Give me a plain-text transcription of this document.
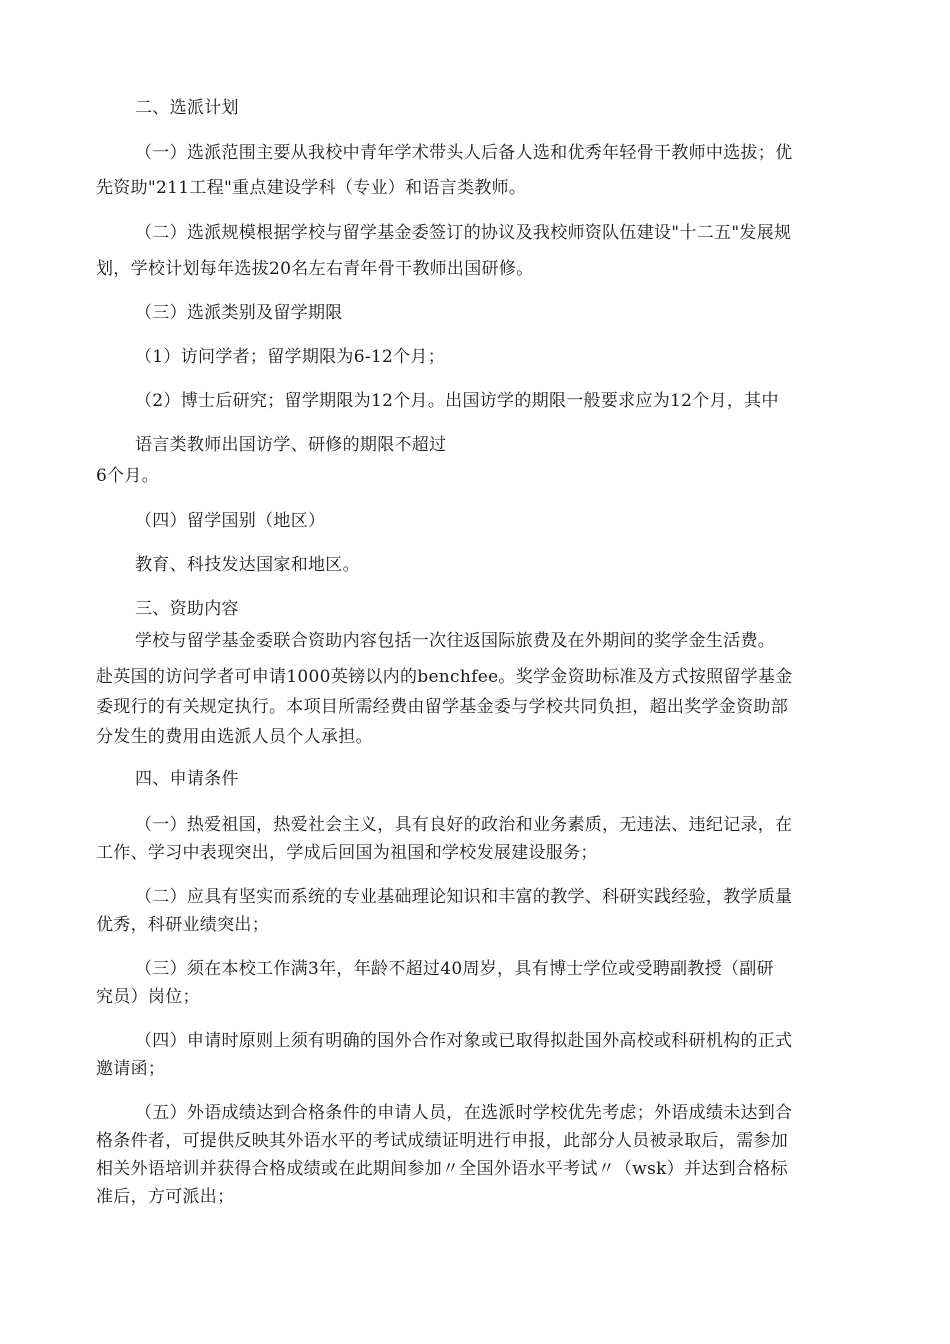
二、选派计划
（一）选派范围主要从我校中青年学术带头人后备人选和优秀年轻骨干教师中选拔；优
先资助"211工程"重点建设学科（专业）和语言类教师。
（二）选派规模根据学校与留学基金委签订的协议及我校师资队伍建设"十二五"发展规
划，学校计划每年选拔20名左右青年骨干教师出国研修。
（三）选派类别及留学期限
（1）访问学者；留学期限为6-12个月；
（2）博士后研究；留学期限为12个月。出国访学的期限一般要求应为12个月，其中
语言类教师出国访学、研修的期限不超过
6个月。
（四）留学国别（地区）
教育、科技发达国家和地区。
三、资助内容
学校与留学基金委联合资助内容包括一次往返国际旅费及在外期间的奖学金生活费。
赴英国的访问学者可申请1000英镑以内的benchfee。奖学金资助标准及方式按照留学基金
委现行的有关规定执行。本项目所需经费由留学基金委与学校共同负担，超出奖学金资助部
分发生的费用由选派人员个人承担。
四、申请条件
（一）热爱祖国，热爱社会主义，具有良好的政治和业务素质，无违法、违纪记录，在
工作、学习中表现突出，学成后回国为祖国和学校发展建设服务；
（二）应具有坚实而系统的专业基础理论知识和丰富的教学、科研实践经验，教学质量
优秀，科研业绩突出；
（三）须在本校工作满3年，年龄不超过40周岁，具有博士学位或受聘副教授（副研
究员）岗位；
（四）申请时原则上须有明确的国外合作对象或已取得拟赴国外高校或科研机构的正式
邀请函；
（五）外语成绩达到合格条件的申请人员，在选派时学校优先考虑；外语成绩未达到合
格条件者，可提供反映其外语水平的考试成绩证明进行申报，此部分人员被录取后，需参加
相关外语培训并获得合格成绩或在此期间参加〃全国外语水平考试〃（wsk）并达到合格标
准后，方可派出；
